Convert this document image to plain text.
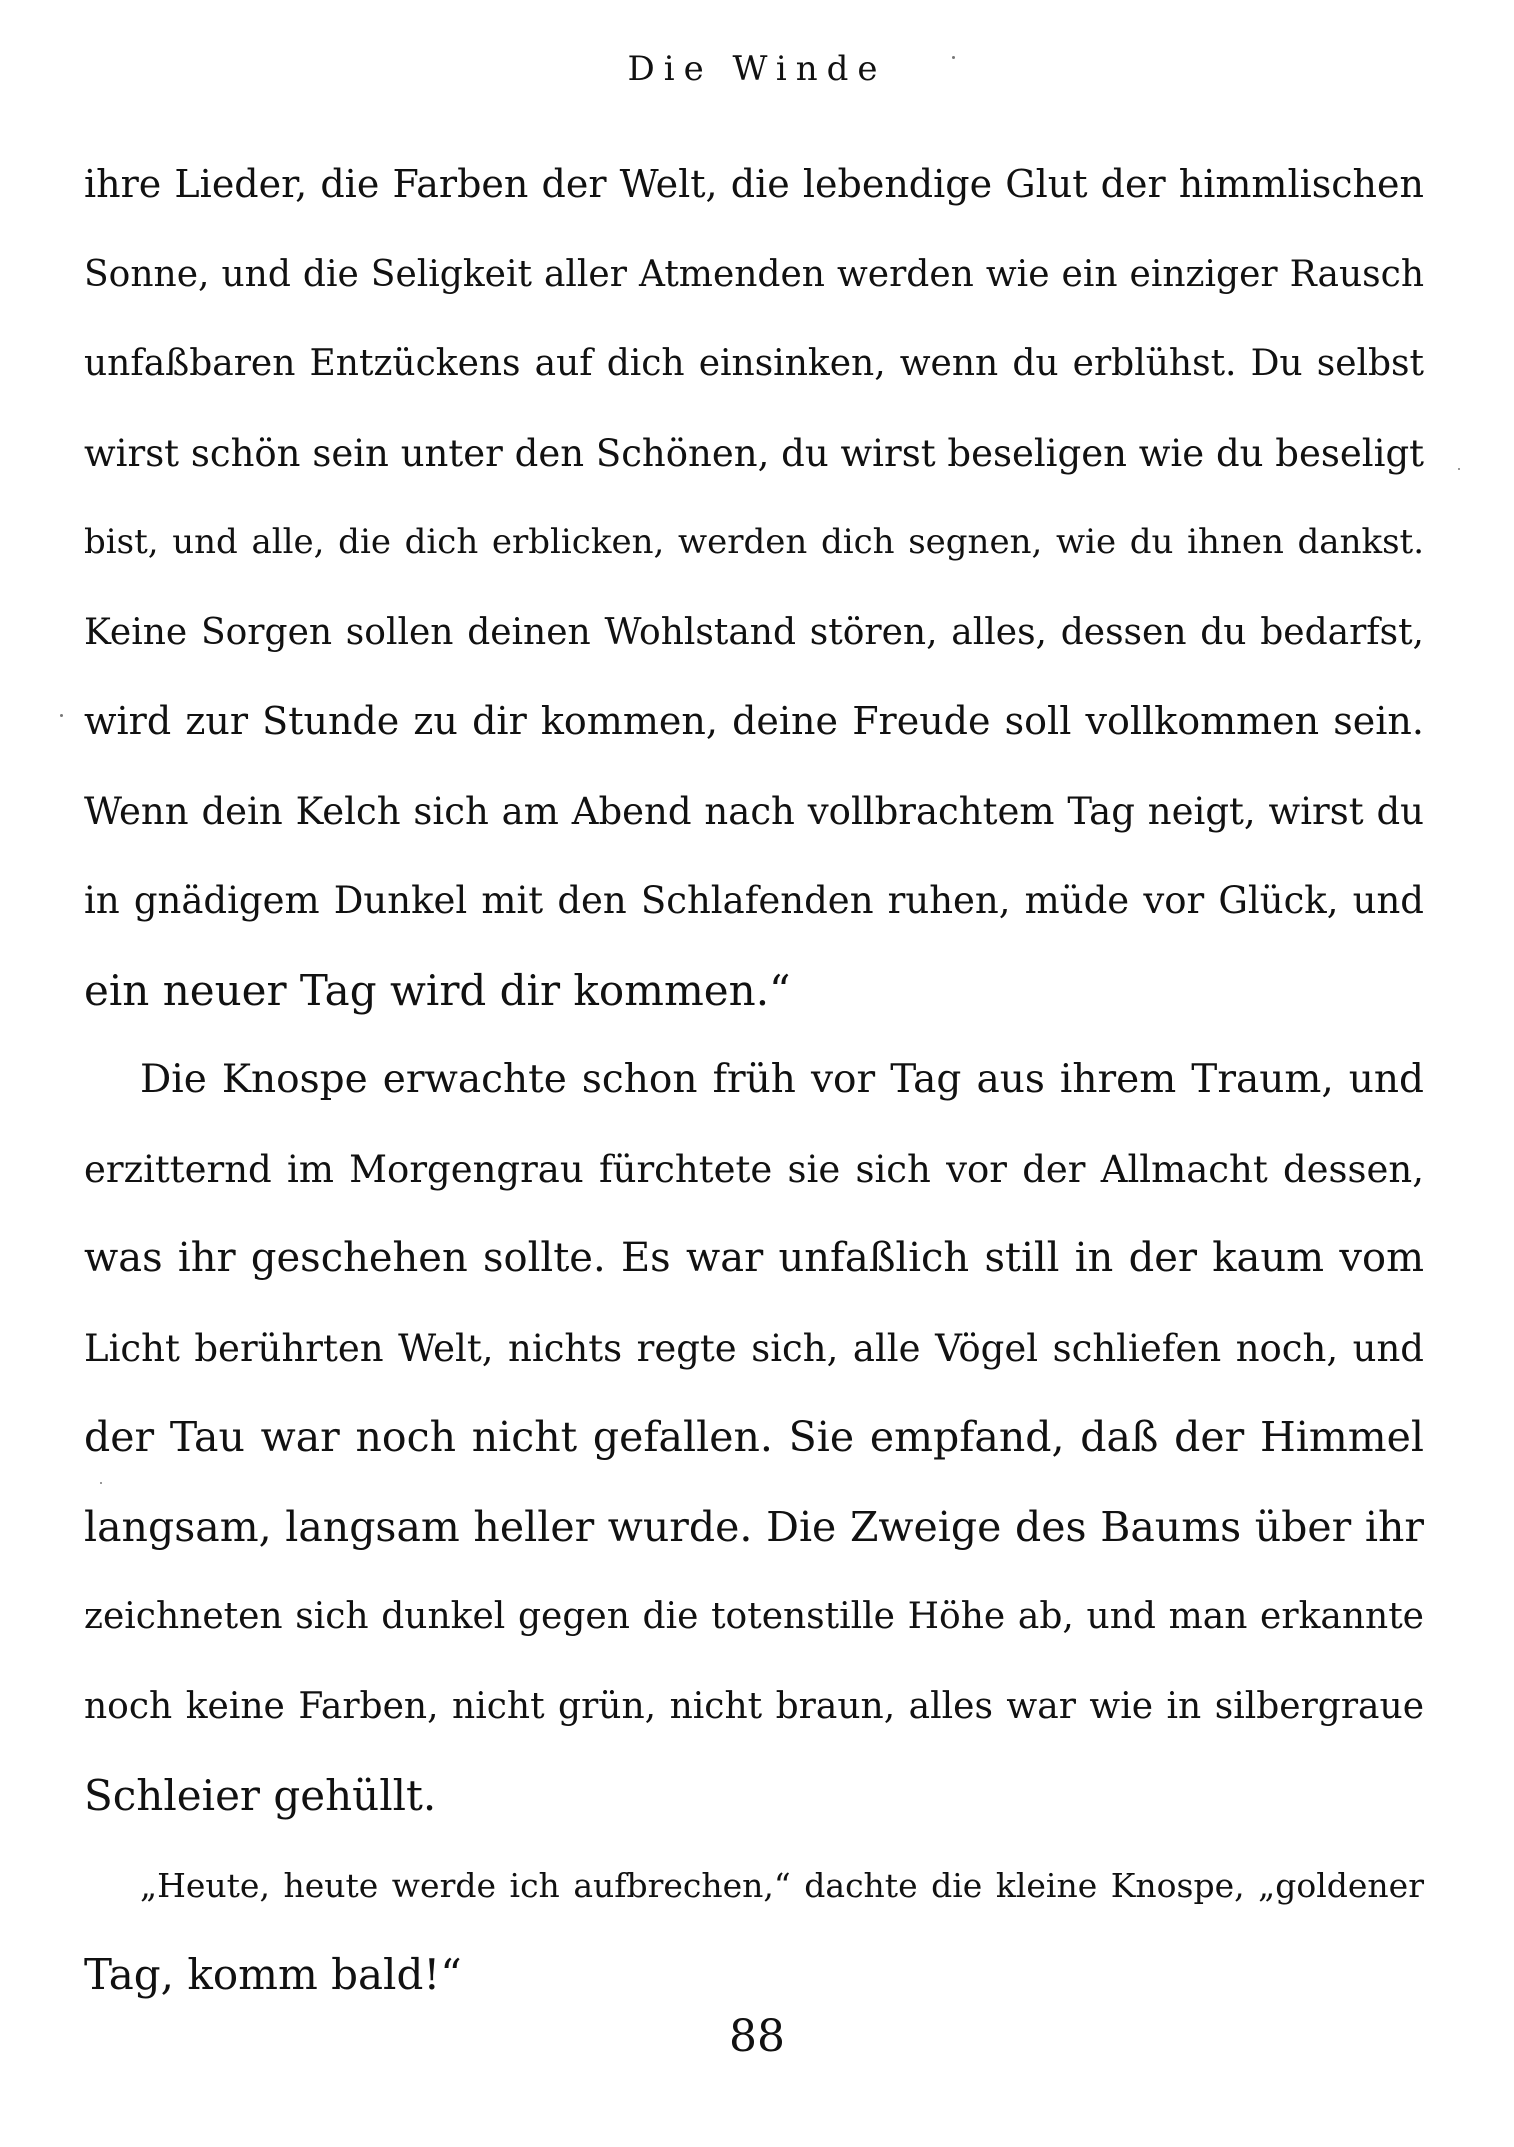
Die Winde
ihre Lieder, die Farben der Welt, die lebendige Glut der himmlischen
Sonne, und die Seligkeit aller Atmenden werden wie ein einziger Rausch
unfaßbaren Entzückens auf dich einsinken, wenn du erblühst. Du selbst
wirst schön sein unter den Schönen, du wirst beseligen wie du beseligt
bist, und alle, die dich erblicken, werden dich segnen, wie du ihnen dankst.
Keine Sorgen sollen deinen Wohlstand stören, alles, dessen du bedarfst,
wird zur Stunde zu dir kommen, deine Freude soll vollkommen sein.
Wenn dein Kelch sich am Abend nach vollbrachtem Tag neigt, wirst du
in gnädigem Dunkel mit den Schlafenden ruhen, müde vor Glück, und
ein neuer Tag wird dir kommen.“
Die Knospe erwachte schon früh vor Tag aus ihrem Traum, und
erzitternd im Morgengrau fürchtete sie sich vor der Allmacht dessen,
was ihr geschehen sollte. Es war unfaßlich still in der kaum vom
Licht berührten Welt, nichts regte sich, alle Vögel schliefen noch, und
der Tau war noch nicht gefallen. Sie empfand, daß der Himmel
langsam, langsam heller wurde. Die Zweige des Baums über ihr
zeichneten sich dunkel gegen die totenstille Höhe ab, und man erkannte
noch keine Farben, nicht grün, nicht braun, alles war wie in silbergraue
Schleier gehüllt.
„Heute, heute werde ich aufbrechen,“ dachte die kleine Knospe, „goldener
Tag, komm bald!“
88
